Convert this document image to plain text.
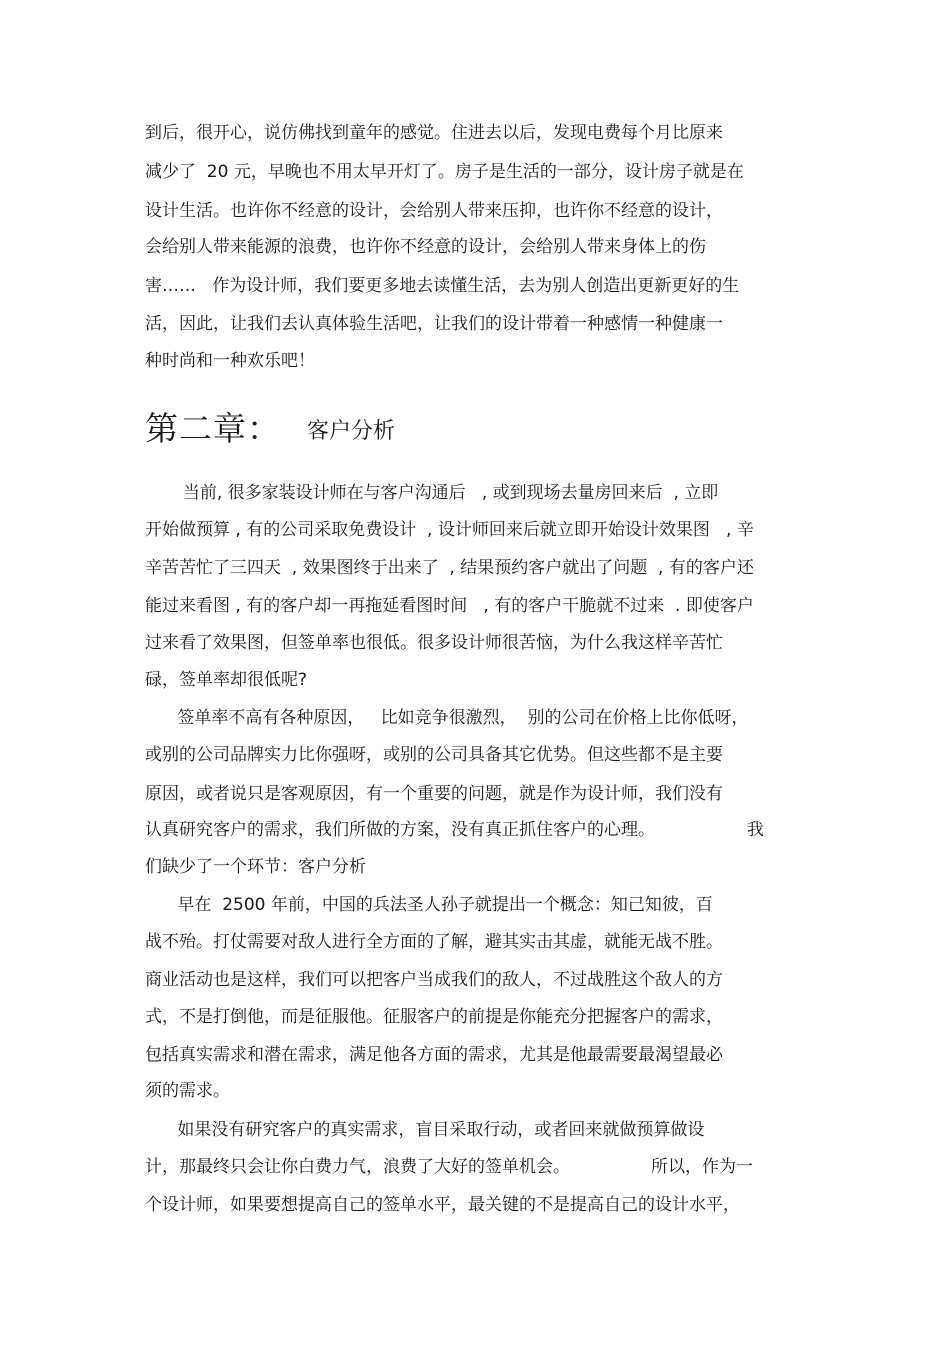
到后，很开心，说仿佛找到童年的感觉。住进去以后，发现电费每个月比原来
减少了  20 元，早晚也不用太早开灯了。房子是生活的一部分，设计房子就是在
设计生活。也许你不经意的设计，会给别人带来压抑，也许你不经意的设计，
会给别人带来能源的浪费，也许你不经意的设计，会给别人带来身体上的伤
害……   作为设计师，我们要更多地去读懂生活，去为别人创造出更新更好的生
活，因此，让我们去认真体验生活吧，让我们的设计带着一种感情一种健康一
种时尚和一种欢乐吧！
第二章： 客户分析
当前, 很多家装设计师在与客户沟通后   , 或到现场去量房回来后  , 立即
开始做预算 , 有的公司采取免费设计  , 设计师回来后就立即开始设计效果图   , 辛
辛苦苦忙了三四天  , 效果图终于出来了  , 结果预约客户就出了问题  , 有的客户还
能过来看图 , 有的客户却一再拖延看图时间   , 有的客户干脆就不过来  . 即使客户
过来看了效果图，但签单率也很低。很多设计师很苦恼，为什么我这样辛苦忙
碌，签单率却很低呢?
签单率不高有各种原因，   比如竞争很激烈，  别的公司在价格上比你低呀，
或别的公司品牌实力比你强呀，或别的公司具备其它优势。但这些都不是主要
原因，或者说只是客观原因，有一个重要的问题，就是作为设计师，我们没有
认真研究客户的需求，我们所做的方案，没有真正抓住客户的心理。                 我
们缺少了一个环节：客户分析
早在  2500 年前，中国的兵法圣人孙子就提出一个概念：知己知彼，百
战不殆。打仗需要对敌人进行全方面的了解，避其实击其虚，就能无战不胜。
商业活动也是这样，我们可以把客户当成我们的敌人，不过战胜这个敌人的方
式，不是打倒他，而是征服他。征服客户的前提是你能充分把握客户的需求，
包括真实需求和潜在需求，满足他各方面的需求，尤其是他最需要最渴望最必
须的需求。
如果没有研究客户的真实需求，盲目采取行动，或者回来就做预算做设
计，那最终只会让你白费力气，浪费了大好的签单机会。               所以，作为一
个设计师，如果要想提高自己的签单水平，最关键的不是提高自己的设计水平，
